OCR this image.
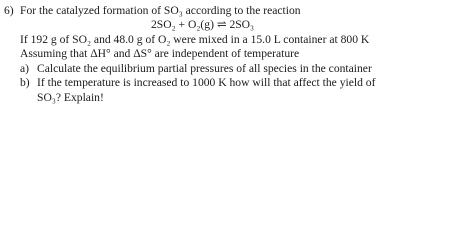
6) For the catalyzed formation of SO₃ according to the reaction
2SO₂ + O₂(g) ⇌ 2SO₃
If 192 g of SO₂ and 48.0 g of O₂ were mixed in a 15.0 L container at 800 K
Assuming that ΔH° and ΔS° are independent of temperature
a) Calculate the equilibrium partial pressures of all species in the container
b) If the temperature is increased to 1000 K how will that affect the yield of
SO₃? Explain!
